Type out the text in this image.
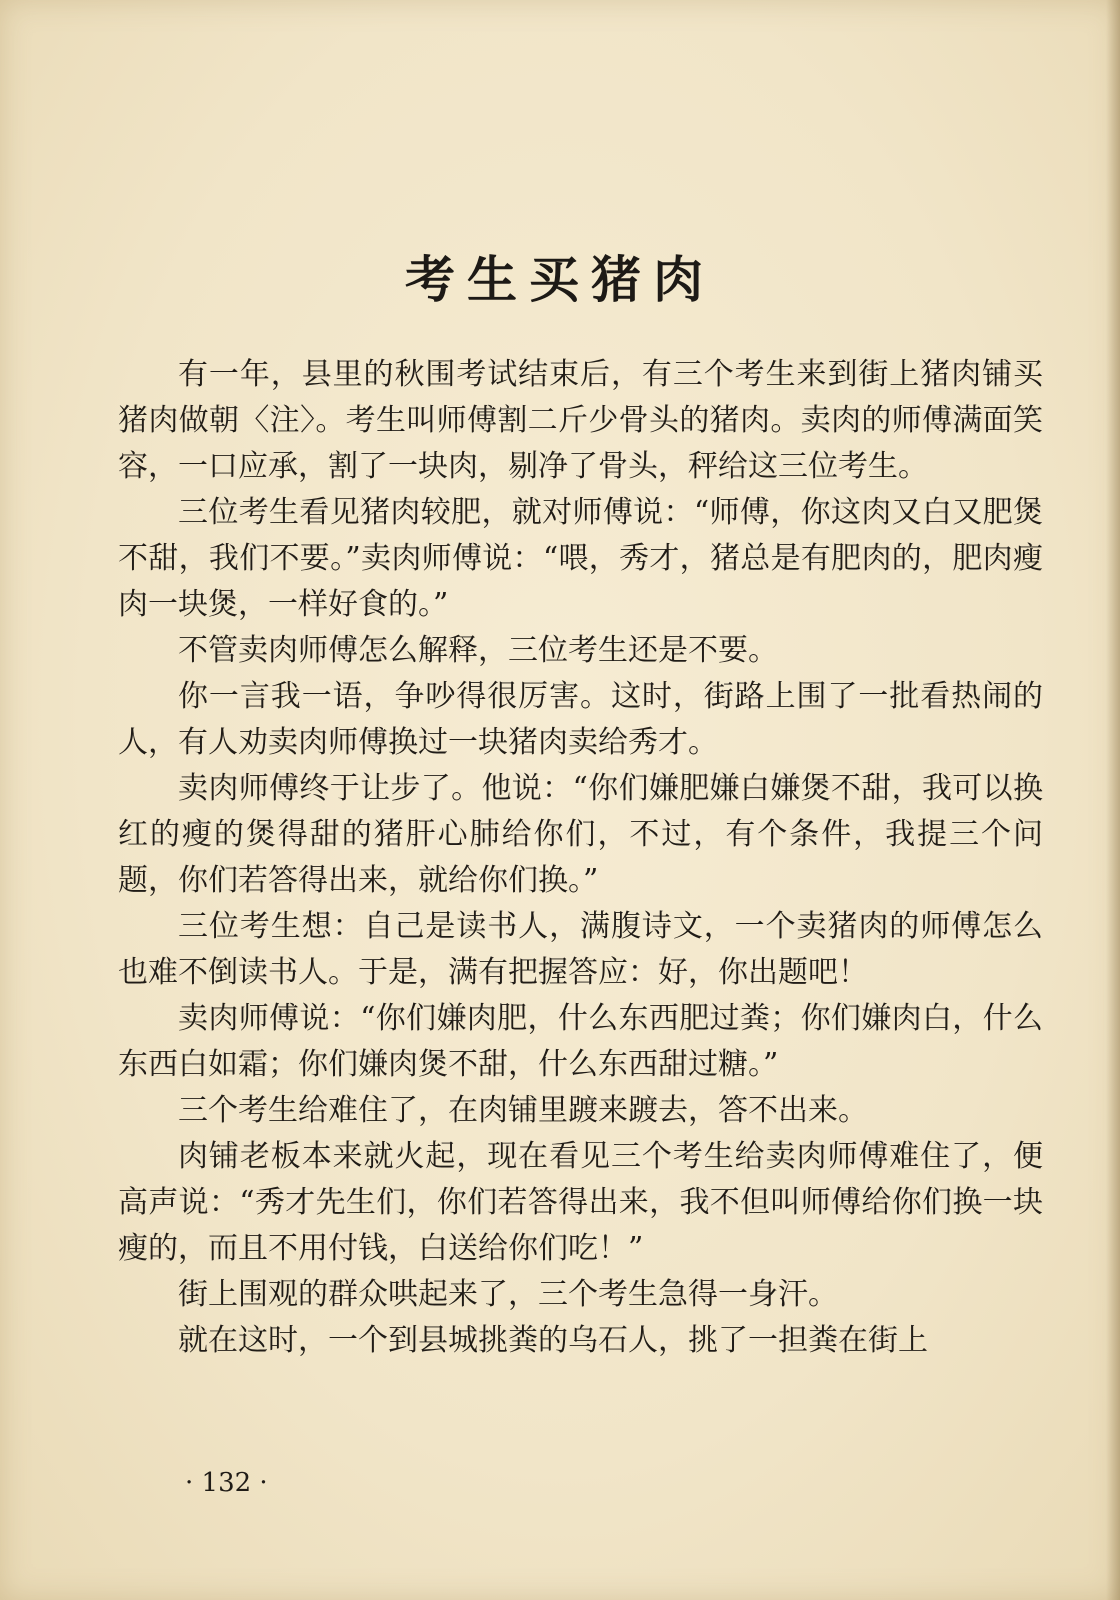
考生买猪肉

有一年，县里的秋围考试结束后，有三个考生来到街上猪肉铺买猪肉做朝〈注〉。考生叫师傅割二斤少骨头的猪肉。卖肉的师傅满面笑容，一口应承，割了一块肉，剔净了骨头，秤给这三位考生。

三位考生看见猪肉较肥，就对师傅说：“师傅，你这肉又白又肥煲不甜，我们不要。”卖肉师傅说：“喂，秀才，猪总是有肥肉的，肥肉瘦肉一块煲，一样好食的。”

不管卖肉师傅怎么解释，三位考生还是不要。

你一言我一语，争吵得很厉害。这时，街路上围了一批看热闹的人，有人劝卖肉师傅换过一块猪肉卖给秀才。

卖肉师傅终于让步了。他说：“你们嫌肥嫌白嫌煲不甜，我可以换红的瘦的煲得甜的猪肝心肺给你们，不过，有个条件，我提三个问题，你们若答得出来，就给你们换。”

三位考生想：自己是读书人，满腹诗文，一个卖猪肉的师傅怎么也难不倒读书人。于是，满有把握答应：好，你出题吧！

卖肉师傅说：“你们嫌肉肥，什么东西肥过粪；你们嫌肉白，什么东西白如霜；你们嫌肉煲不甜，什么东西甜过糖。”

三个考生给难住了，在肉铺里踱来踱去，答不出来。

肉铺老板本来就火起，现在看见三个考生给卖肉师傅难住了，便高声说：“秀才先生们，你们若答得出来，我不但叫师傅给你们换一块瘦的，而且不用付钱，白送给你们吃！”

街上围观的群众哄起来了，三个考生急得一身汗。

就在这时，一个到县城挑粪的乌石人，挑了一担粪在街上

· 132 ·
